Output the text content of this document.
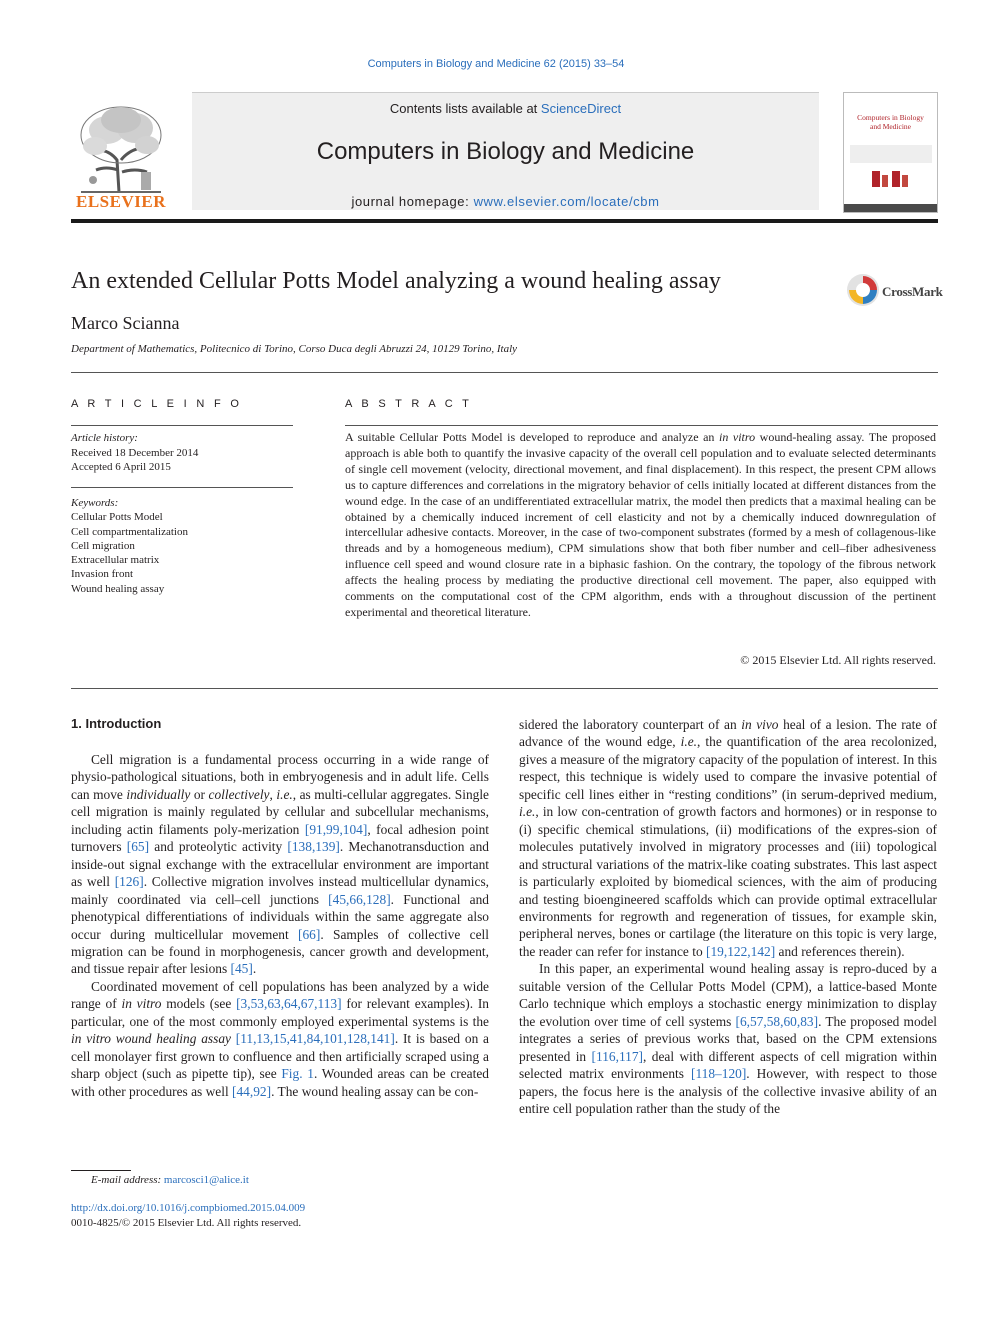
Computers in Biology and Medicine 62 (2015) 33–54
ELSEVIER
Contents lists available at ScienceDirect
Computers in Biology and Medicine
journal homepage: www.elsevier.com/locate/cbm
Computers in Biology
and Medicine
An extended Cellular Potts Model analyzing a wound healing assay	CrossMark
Marco Scianna
Department of Mathematics, Politecnico di Torino, Corso Duca degli Abruzzi 24, 10129 Torino, Italy
A R T I C L E I N F O
Article history:
Received 18 December 2014
Accepted 6 April 2015
Keywords:
Cellular Potts Model
Cell compartmentalization
Cell migration
Extracellular matrix
Invasion front
Wound healing assay
A B S T R A C T
A suitable Cellular Potts Model is developed to reproduce and analyze an in vitro wound-healing assay. The proposed approach is able both to quantify the invasive capacity of the overall cell population and to evaluate selected determinants of single cell movement (velocity, directional movement, and final displacement). In this respect, the present CPM allows us to capture differences and correlations in the migratory behavior of cells initially located at different distances from the wound edge. In the case of an undifferentiated extracellular matrix, the model then predicts that a maximal healing can be obtained by a chemically induced increment of cell elasticity and not by a chemically induced downregulation of intercellular adhesive contacts. Moreover, in the case of two-component substrates (formed by a mesh of collagenous-like threads and by a homogeneous medium), CPM simulations show that both fiber number and cell–fiber adhesiveness influence cell speed and wound closure rate in a biphasic fashion. On the contrary, the topology of the fibrous network affects the healing process by mediating the productive directional cell movement. The paper, also equipped with comments on the computational cost of the CPM algorithm, ends with a throughout discussion of the pertinent experimental and theoretical literature.
© 2015 Elsevier Ltd. All rights reserved.
1. Introduction

Cell migration is a fundamental process occurring in a wide range of physio-pathological situations, both in embryogenesis and in adult life. Cells can move individually or collectively, i.e., as multi-cellular aggregates. Single cell migration is mainly regulated by cellular and subcellular mechanisms, including actin filaments poly-merization [91,99,104], focal adhesion point turnovers [65] and proteolytic activity [138,139]. Mechanotransduction and inside-out signal exchange with the extracellular environment are important as well [126]. Collective migration involves instead multicellular dynamics, mainly coordinated via cell–cell junctions [45,66,128]. Functional and phenotypical differentiations of individuals within the same aggregate also occur during multicellular movement [66]. Samples of collective cell migration can be found in morphogenesis, cancer growth and development, and tissue repair after lesions [45].

Coordinated movement of cell populations has been analyzed by a wide range of in vitro models (see [3,53,63,64,67,113] for relevant examples). In particular, one of the most commonly employed experimental systems is the in vitro wound healing assay [11,13,15,41,84,101,128,141]. It is based on a cell monolayer first grown to confluence and then artificially scraped using a sharp object (such as pipette tip), see Fig. 1. Wounded areas can be created with other procedures as well [44,92]. The wound healing assay can be con-

sidered the laboratory counterpart of an in vivo heal of a lesion. The rate of advance of the wound edge, i.e., the quantification of the area recolonized, gives a measure of the migratory capacity of the population of interest. In this respect, this technique is widely used to compare the invasive potential of specific cell lines either in “resting conditions” (in serum-deprived medium, i.e., in low con-centration of growth factors and hormones) or in response to (i) specific chemical stimulations, (ii) modifications of the expres-sion of molecules putatively involved in migratory processes and (iii) topological and structural variations of the matrix-like coating substrates. This last aspect is particularly exploited by biomedical sciences, with the aim of producing and testing bioengineered scaffolds which can provide optimal extracellular environments for regrowth and regeneration of tissues, for example skin, peripheral nerves, bones or cartilage (the literature on this topic is very large, the reader can refer for instance to [19,122,142] and references therein).

In this paper, an experimental wound healing assay is repro-duced by a suitable version of the Cellular Potts Model (CPM), a lattice-based Monte Carlo technique which employs a stochastic energy minimization to display the evolution over time of cell systems [6,57,58,60,83]. The proposed model integrates a series of previous works that, based on the CPM extensions presented in [116,117], deal with different aspects of cell migration within selected matrix environments [118–120]. However, with respect to those papers, the focus here is the analysis of the collective invasive ability of an entire cell population rather than the study of the

E-mail address: marcosci1@alice.it
http://dx.doi.org/10.1016/j.compbiomed.2015.04.009
0010-4825/© 2015 Elsevier Ltd. All rights reserved.
